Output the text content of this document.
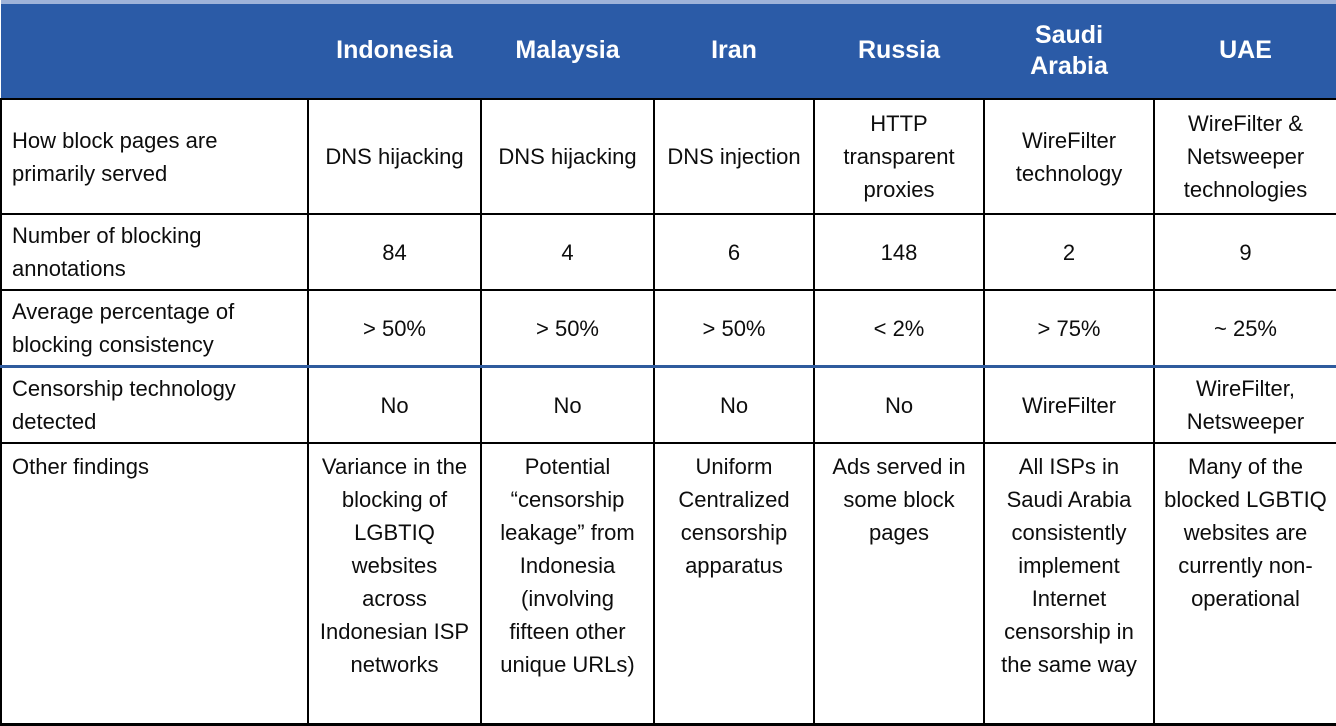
	Indonesia	Malaysia	Iran	Russia	Saudi Arabia	UAE
How block pages are primarily served	DNS hijacking	DNS hijacking	DNS injection	HTTP transparent proxies	WireFilter technology	WireFilter & Netsweeper technologies
Number of blocking annotations	84	4	6	148	2	9
Average percentage of blocking consistency	> 50%	> 50%	> 50%	< 2%	> 75%	~ 25%
Censorship technology detected	No	No	No	No	WireFilter	WireFilter, Netsweeper
Other findings	Variance in the blocking of LGBTIQ websites across Indonesian ISP networks	Potential “censorship leakage” from Indonesia (involving fifteen other unique URLs)	Uniform Centralized censorship apparatus	Ads served in some block pages	All ISPs in Saudi Arabia consistently implement Internet censorship in the same way	Many of the blocked LGBTIQ websites are currently non-operational
